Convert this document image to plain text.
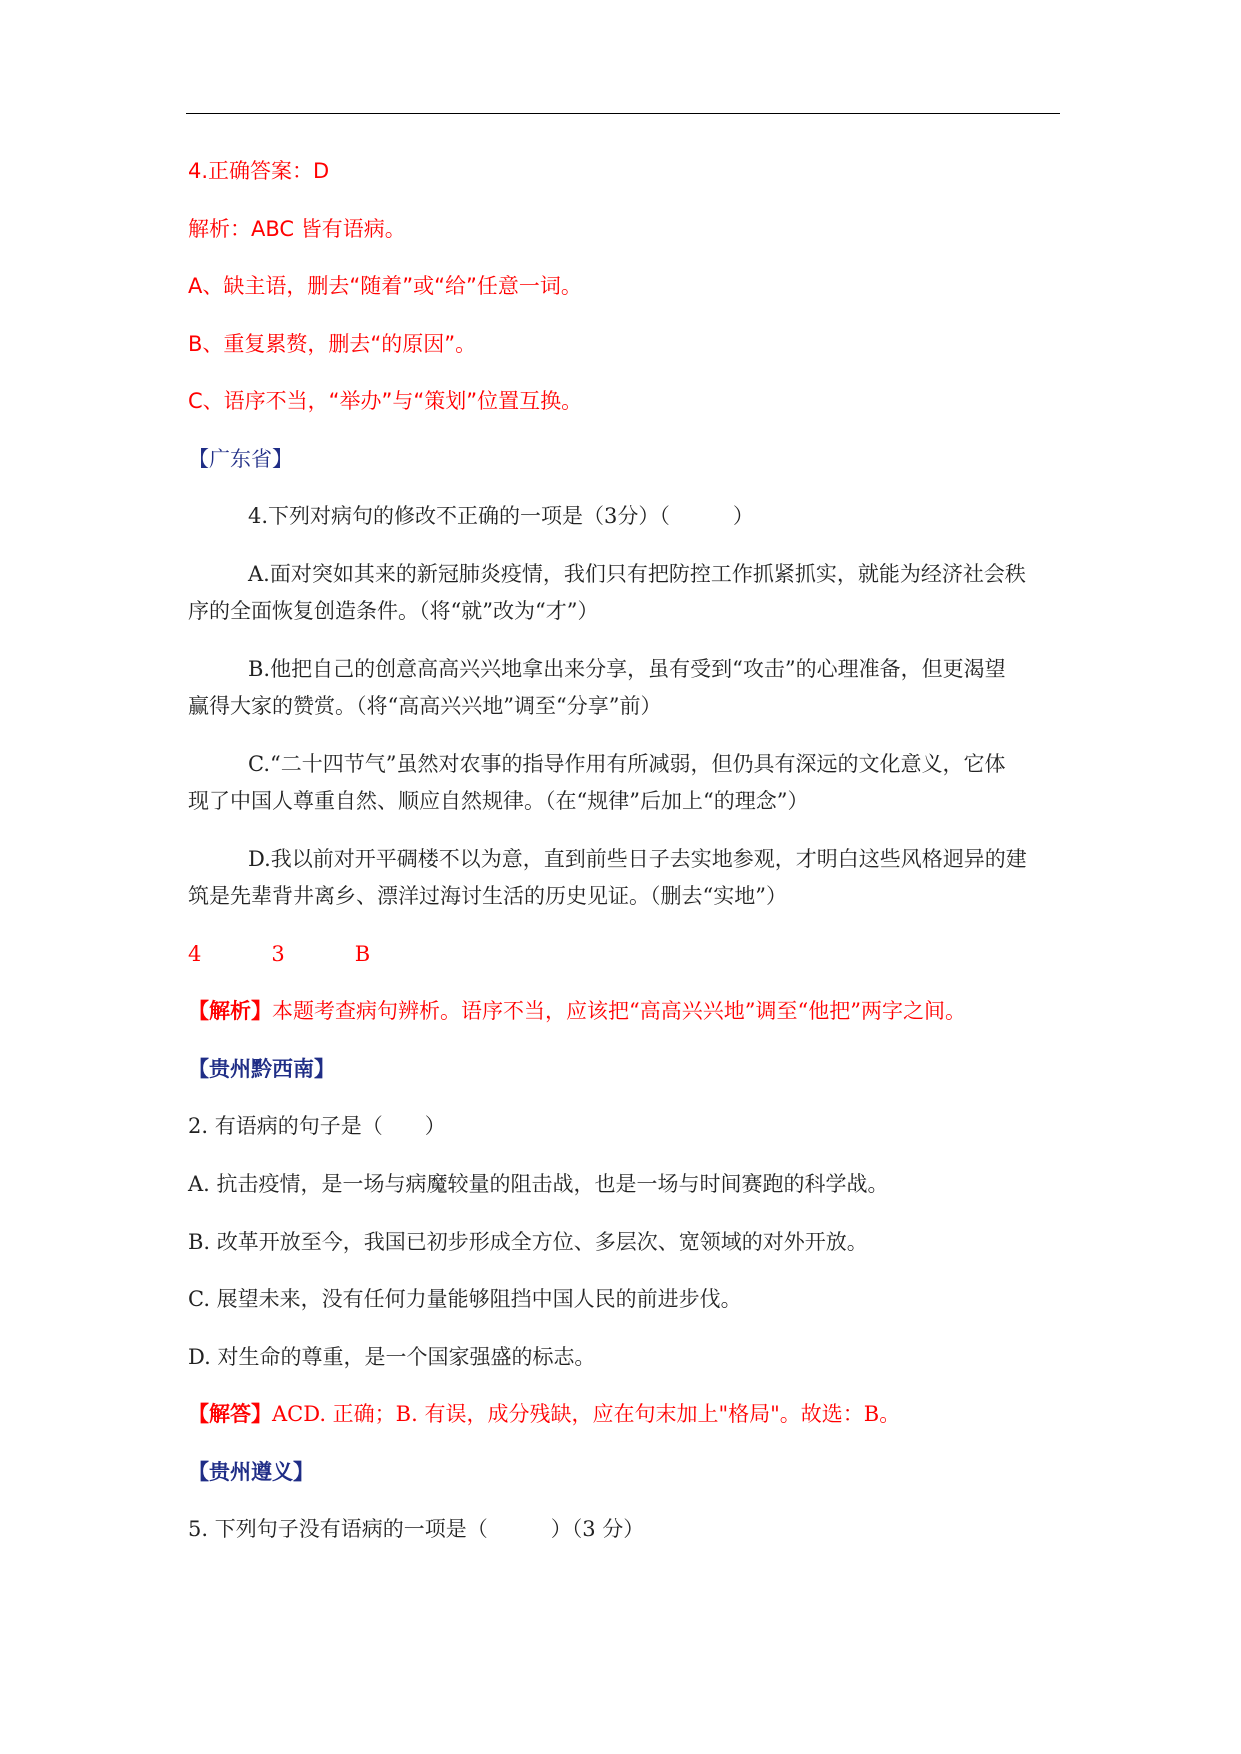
4.正确答案：D
解析：ABC 皆有语病。
A、缺主语，删去“随着”或“给”任意一词。
B、重复累赘，删去“的原因”。
C、语序不当，“举办”与“策划”位置互换。
【广东省】
4.下列对病句的修改不正确的一项是（3分）（　　　）
A.面对突如其来的新冠肺炎疫情，我们只有把防控工作抓紧抓实，就能为经济社会秩
序的全面恢复创造条件。（将“就”改为“才”）
B.他把自己的创意高高兴兴地拿出来分享，虽有受到“攻击”的心理准备，但更渴望
赢得大家的赞赏。（将“高高兴兴地”调至“分享”前）
C.“二十四节气”虽然对农事的指导作用有所减弱，但仍具有深远的文化意义，它体
现了中国人尊重自然、顺应自然规律。（在“规律”后加上“的理念”）
D.我以前对开平碉楼不以为意，直到前些日子去实地参观，才明白这些风格迥异的建
筑是先辈背井离乡、漂洋过海讨生活的历史见证。（删去“实地”）
4	3	B
【解析】本题考查病句辨析。语序不当，应该把“高高兴兴地”调至“他把”两字之间。
【贵州黔西南】
2. 有语病的句子是（　　）
A. 抗击疫情，是一场与病魔较量的阻击战，也是一场与时间赛跑的科学战。
B. 改革开放至今，我国已初步形成全方位、多层次、宽领域的对外开放。
C. 展望未来，没有任何力量能够阻挡中国人民的前进步伐。
D. 对生命的尊重，是一个国家强盛的标志。
【解答】ACD. 正确；B. 有误，成分残缺，应在句末加上"格局"。故选：B。
【贵州遵义】
5. 下列句子没有语病的一项是（　　　）（3 分）
